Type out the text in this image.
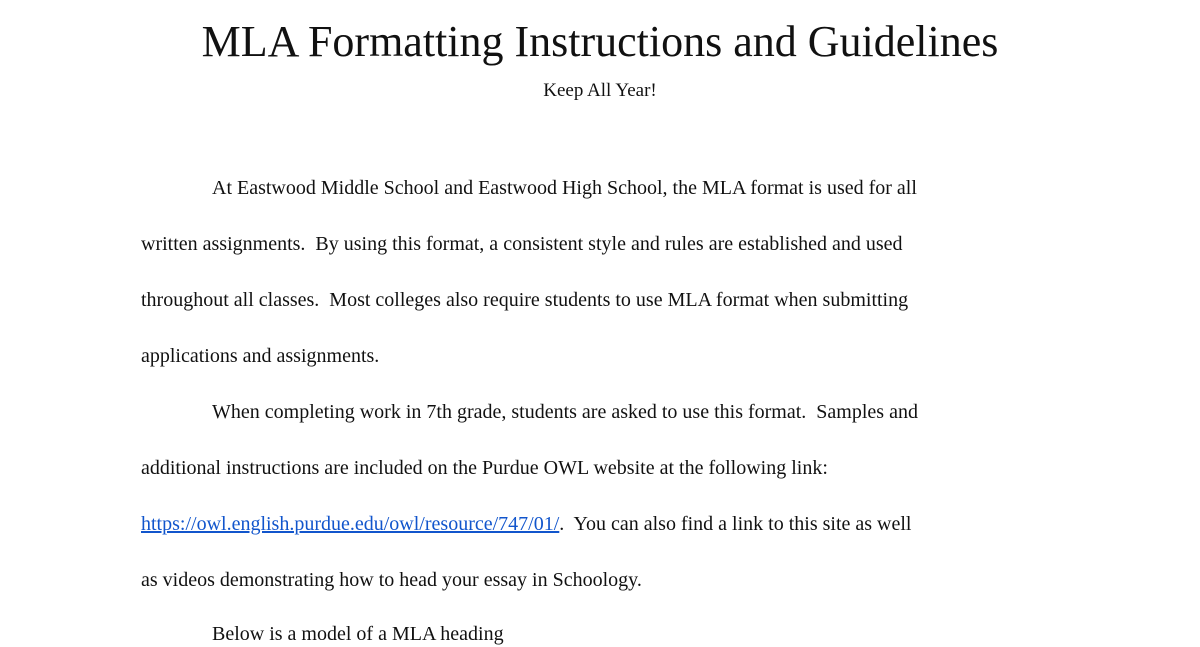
MLA Formatting Instructions and Guidelines
Keep All Year!
At Eastwood Middle School and Eastwood High School, the MLA format is used for all
written assignments.  By using this format, a consistent style and rules are established and used
throughout all classes.  Most colleges also require students to use MLA format when submitting
applications and assignments.
When completing work in 7th grade, students are asked to use this format.  Samples and
additional instructions are included on the Purdue OWL website at the following link:
https://owl.english.purdue.edu/owl/resource/747/01/.  You can also find a link to this site as well
as videos demonstrating how to head your essay in Schoology.
Below is a model of a MLA heading
